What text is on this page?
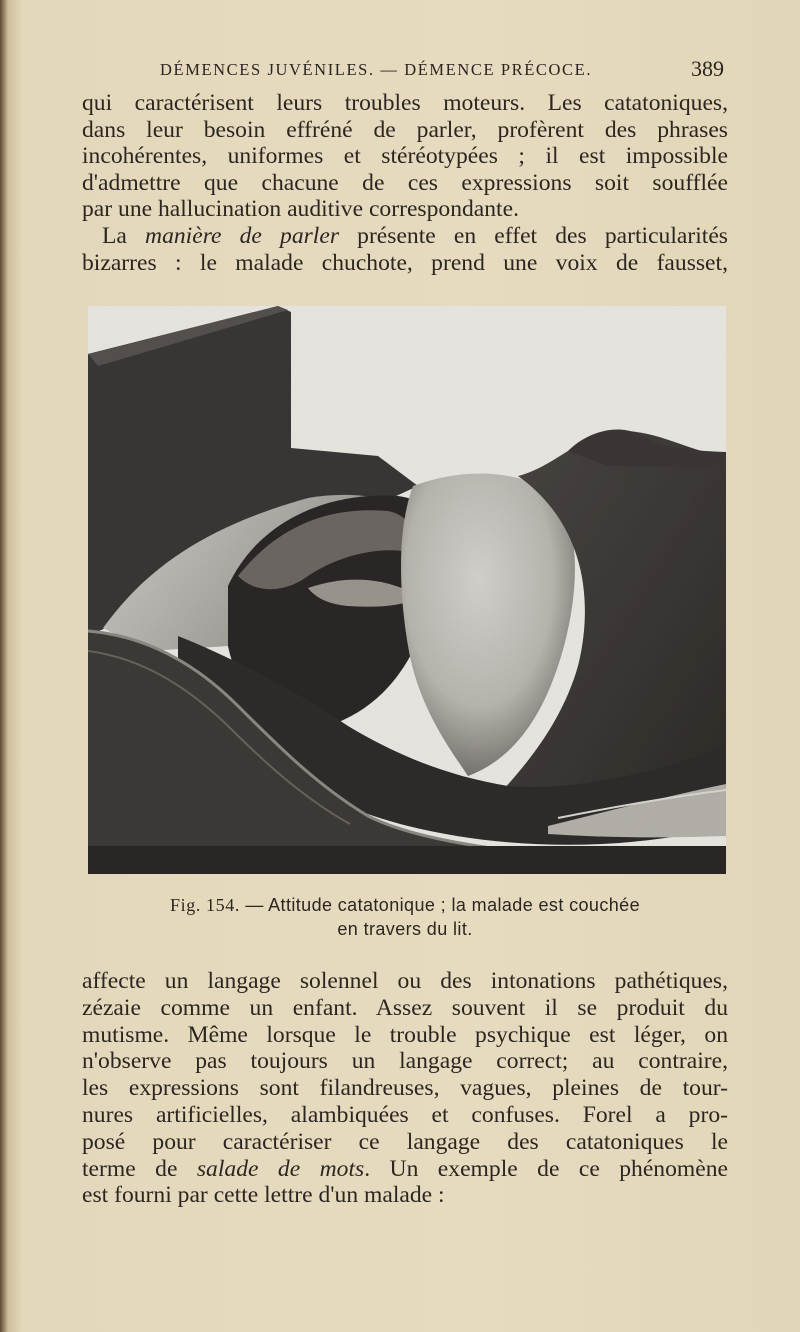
DÉMENCES JUVÉNILES. — DÉMENCE PRÉCOCE.	389
qui caractérisent leurs troubles moteurs. Les catatoniques,
dans leur besoin effréné de parler, profèrent des phrases
incohérentes, uniformes et stéréotypées ; il est impossible
d'admettre que chacune de ces expressions soit soufflée
par une hallucination auditive correspondante.
La manière de parler présente en effet des particularités
bizarres : le malade chuchote, prend une voix de fausset,
Fig. 154. — Attitude catatonique ; la malade est couchée
en travers du lit.
affecte un langage solennel ou des intonations pathétiques,
zézaie comme un enfant. Assez souvent il se produit du
mutisme. Même lorsque le trouble psychique est léger, on
n'observe pas toujours un langage correct; au contraire,
les expressions sont filandreuses, vagues, pleines de tour-
nures artificielles, alambiquées et confuses. Forel a pro-
posé pour caractériser ce langage des catatoniques le
terme de salade de mots. Un exemple de ce phénomène
est fourni par cette lettre d'un malade :
